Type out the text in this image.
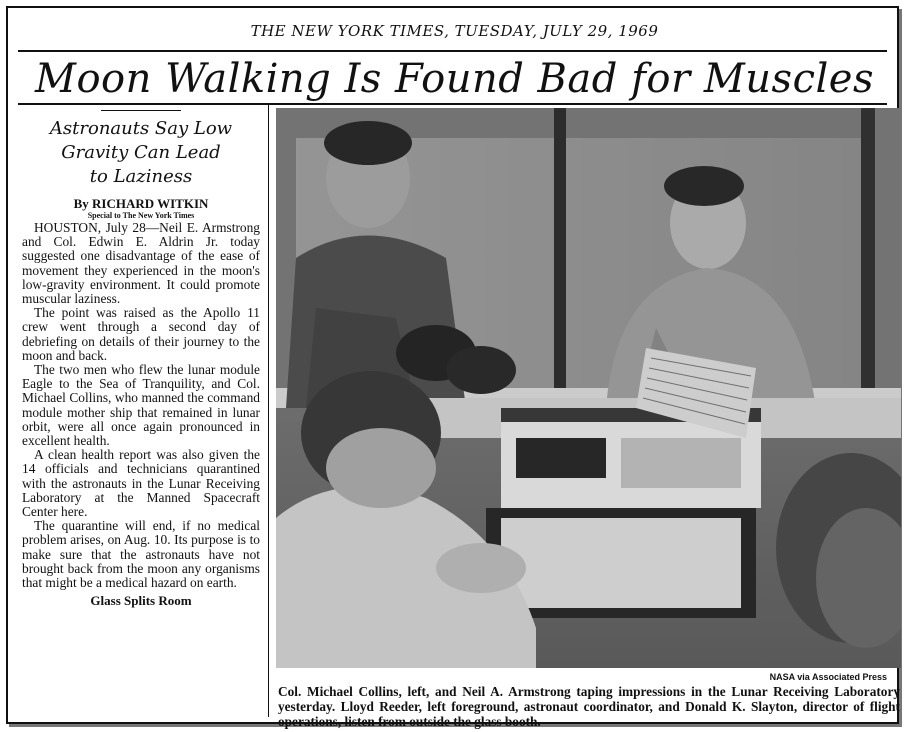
THE NEW YORK TIMES, TUESDAY, JULY 29, 1969
Moon Walking Is Found Bad for Muscles
Astronauts Say Low
Gravity Can Lead
to Laziness
By RICHARD WITKIN
Special to The New York Times

HOUSTON, July 28—Neil E. Armstrong and Col. Edwin E. Aldrin Jr. today suggested one disadvantage of the ease of movement they experienced in the moon's low-gravity environment. It could promote muscular laziness.

The point was raised as the Apollo 11 crew went through a second day of debriefing on details of their journey to the moon and back.

The two men who flew the lunar module Eagle to the Sea of Tranquility, and Col. Michael Collins, who manned the command module mother ship that remained in lunar orbit, were all once again pronounced in excellent health.

A clean health report was also given the 14 officials and technicians quarantined with the astronauts in the Lunar Receiving Laboratory at the Manned Spacecraft Center here.

The quarantine will end, if no medical problem arises, on Aug. 10. Its purpose is to make sure that the astronauts have not brought back from the moon any organisms that might be a medical hazard on earth.

Glass Splits Room
NASA via Associated Press
Col. Michael Collins, left, and Neil A. Armstrong taping impressions in the Lunar Receiving Laboratory yesterday. Lloyd Reeder, left foreground, astronaut coordinator, and Donald K. Slayton, director of flight operations, listen from outside the glass booth.
